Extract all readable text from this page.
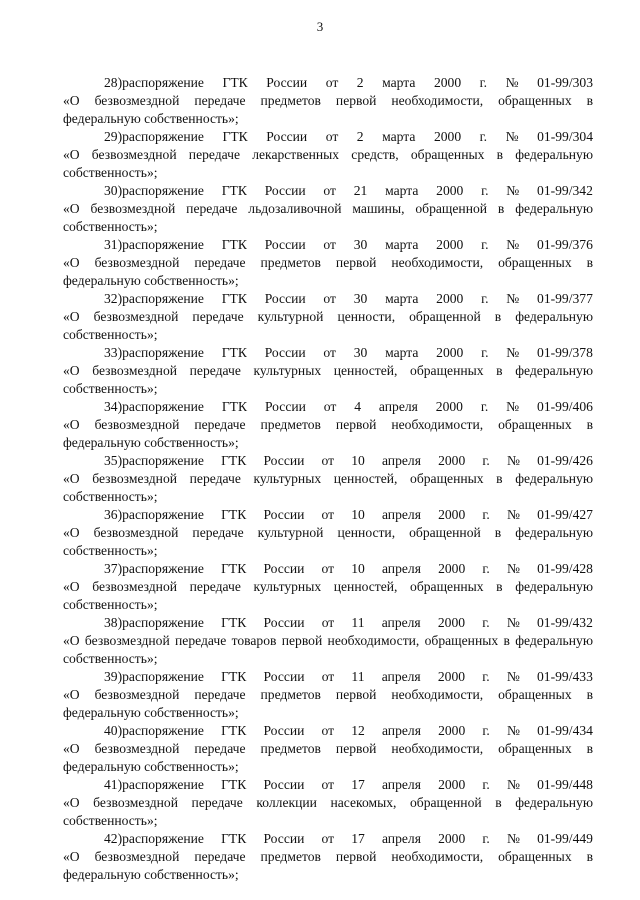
3
28)распоряжение ГТК России от 2 марта 2000 г. № 01-99/303
«О безвозмездной передаче предметов первой необходимости, обращенных в федеральную собственность»;
29)распоряжение ГТК России от 2 марта 2000 г. № 01-99/304
«О безвозмездной передаче лекарственных средств, обращенных в федеральную собственность»;
30)распоряжение ГТК России от 21 марта 2000 г. № 01-99/342
«О безвозмездной передаче льдозаливочной машины, обращенной в федеральную собственность»;
31)распоряжение ГТК России от 30 марта 2000 г. № 01-99/376
«О безвозмездной передаче предметов первой необходимости, обращенных в федеральную собственность»;
32)распоряжение ГТК России от 30 марта 2000 г. № 01-99/377
«О безвозмездной передаче культурной ценности, обращенной в федеральную собственность»;
33)распоряжение ГТК России от 30 марта 2000 г. № 01-99/378
«О безвозмездной передаче культурных ценностей, обращенных в федеральную собственность»;
34)распоряжение ГТК России от 4 апреля 2000 г. № 01-99/406
«О безвозмездной передаче предметов первой необходимости, обращенных в федеральную собственность»;
35)распоряжение ГТК России от 10 апреля 2000 г. № 01-99/426
«О безвозмездной передаче культурных ценностей, обращенных в федеральную собственность»;
36)распоряжение ГТК России от 10 апреля 2000 г. № 01-99/427
«О безвозмездной передаче культурной ценности, обращенной в федеральную собственность»;
37)распоряжение ГТК России от 10 апреля 2000 г. № 01-99/428
«О безвозмездной передаче культурных ценностей, обращенных в федеральную собственность»;
38)распоряжение ГТК России от 11 апреля 2000 г. № 01-99/432
«О безвозмездной передаче товаров первой необходимости, обращенных в федеральную собственность»;
39)распоряжение ГТК России от 11 апреля 2000 г. № 01-99/433
«О безвозмездной передаче предметов первой необходимости, обращенных в федеральную собственность»;
40)распоряжение ГТК России от 12 апреля 2000 г. № 01-99/434
«О безвозмездной передаче предметов первой необходимости, обращенных в федеральную собственность»;
41)распоряжение ГТК России от 17 апреля 2000 г. № 01-99/448
«О безвозмездной передаче коллекции насекомых, обращенной в федеральную собственность»;
42)распоряжение ГТК России от 17 апреля 2000 г. № 01-99/449
«О безвозмездной передаче предметов первой необходимости, обращенных в федеральную собственность»;
